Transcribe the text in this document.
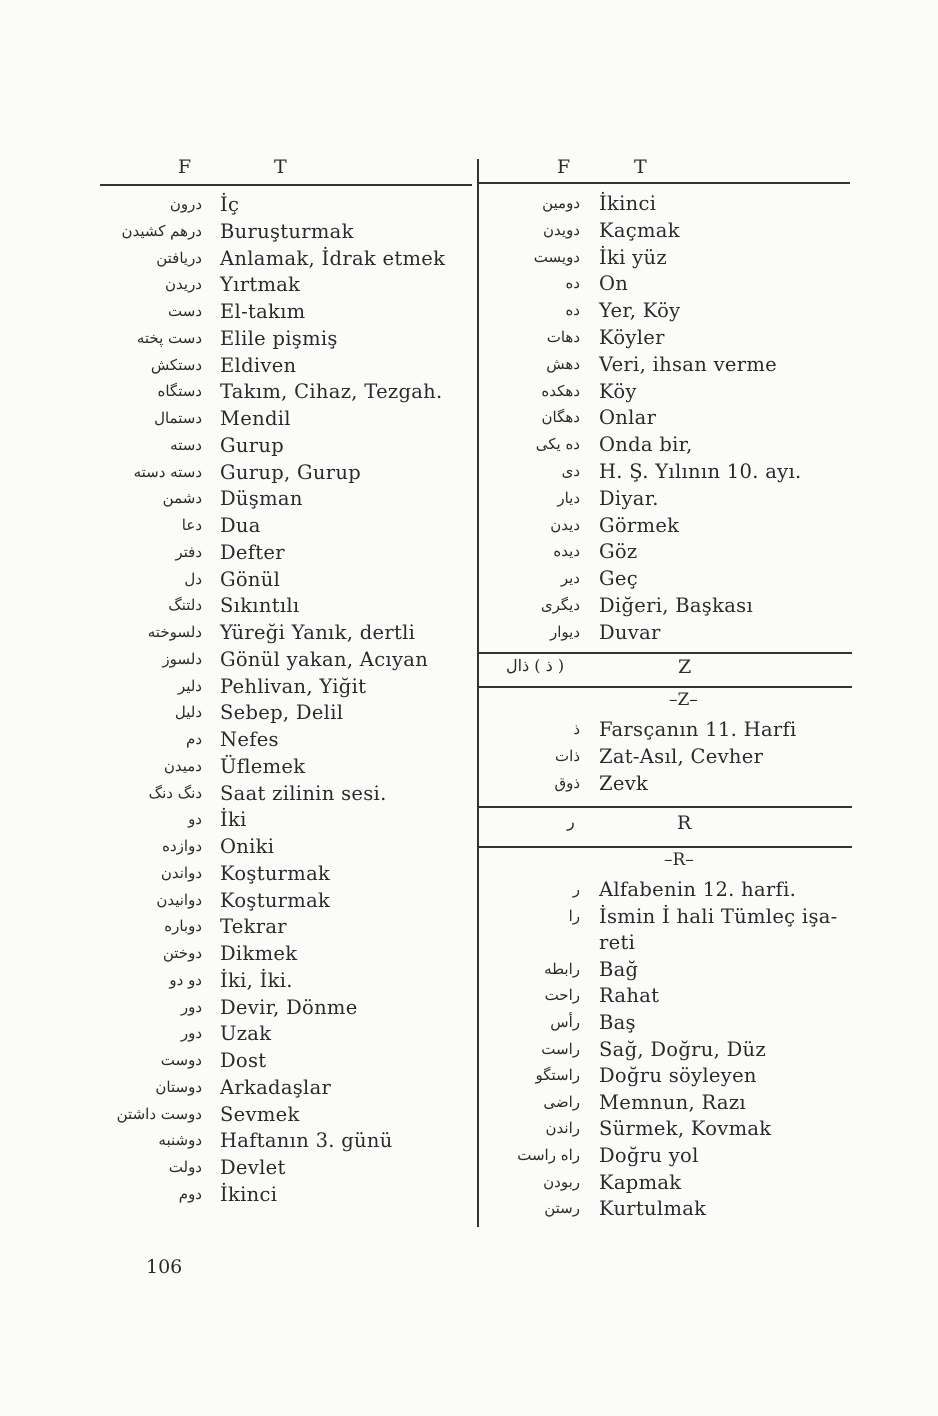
F	T	F	T
درون İç
درهم کشیدن Buruşturmak
دریافتن Anlamak, İdrak etmek
دریدن Yırtmak
دست El-takım
دست پخته Elile pişmiş
دستکش Eldiven
دستگاه Takım, Cihaz, Tezgah.
دستمال Mendil
دسته Gurup
دسته دسته Gurup, Gurup
دشمن Düşman
دعا Dua
دفتر Defter
دل Gönül
دلتنگ Sıkıntılı
دلسوخته Yüreği Yanık, dertli
دلسوز Gönül yakan, Acıyan
دلیر Pehlivan, Yiğit
دلیل Sebep, Delil
دم Nefes
دمیدن Üflemek
دنگ دنگ Saat zilinin sesi.
دو İki
دوازده Oniki
دواندن Koşturmak
دوانیدن Koşturmak
دوباره Tekrar
دوختن Dikmek
دو دو İki, İki.
دور Devir, Dönme
دور Uzak
دوست Dost
دوستان Arkadaşlar
دوست داشتن Sevmek
دوشنبه Haftanın 3. günü
دولت Devlet
دوم İkinci
دومین İkinci
دویدن Kaçmak
دویست İki yüz
ده On
ده Yer, Köy
دهات Köyler
دهش Veri, ihsan verme
دهکده Köy
دهگان Onlar
ده یکی Onda bir,
دی H. Ş. Yılının 10. ayı.
دیار Diyar.
دیدن Görmek
دیده Göz
دیر Geç
دیگری Diğeri, Başkası
دیوار Duvar
( ذ ) ذال	Z
–Z–
ذ Farsçanın 11. Harfi
ذات Zat-Asıl, Cevher
ذوق Zevk
ر	R
–R–
ر Alfabenin 12. harfi.
را İsmin İ hali Tümleç işa-
reti
رابطه Bağ
راحت Rahat
رأس Baş
راست Sağ, Doğru, Düz
راستگو Doğru söyleyen
راضی Memnun, Razı
راندن Sürmek, Kovmak
راه راست Doğru yol
ربودن Kapmak
رستن Kurtulmak
106
